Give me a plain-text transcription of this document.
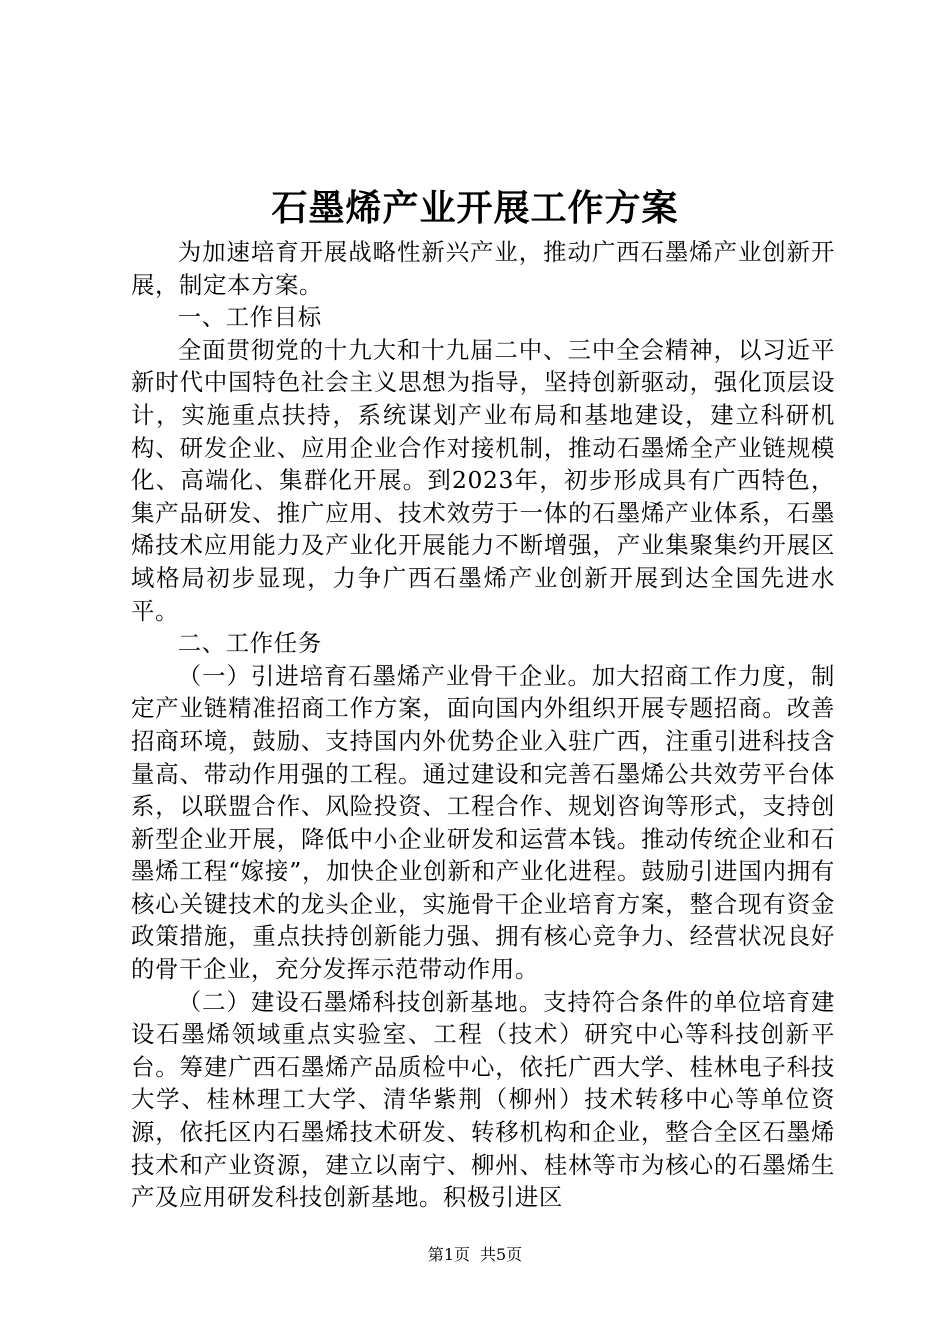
石墨烯产业开展工作方案

为加速培育开展战略性新兴产业，推动广西石墨烯产业创新开展，制定本方案。

一、工作目标

全面贯彻党的十九大和十九届二中、三中全会精神，以习近平新时代中国特色社会主义思想为指导，坚持创新驱动，强化顶层设计，实施重点扶持，系统谋划产业布局和基地建设，建立科研机构、研发企业、应用企业合作对接机制，推动石墨烯全产业链规模化、高端化、集群化开展。到2023年，初步形成具有广西特色，集产品研发、推广应用、技术效劳于一体的石墨烯产业体系，石墨烯技术应用能力及产业化开展能力不断增强，产业集聚集约开展区域格局初步显现，力争广西石墨烯产业创新开展到达全国先进水平。

二、工作任务

（一）引进培育石墨烯产业骨干企业。加大招商工作力度，制定产业链精准招商工作方案，面向国内外组织开展专题招商。改善招商环境，鼓励、支持国内外优势企业入驻广西，注重引进科技含量高、带动作用强的工程。通过建设和完善石墨烯公共效劳平台体系，以联盟合作、风险投资、工程合作、规划咨询等形式，支持创新型企业开展，降低中小企业研发和运营本钱。推动传统企业和石墨烯工程“嫁接”，加快企业创新和产业化进程。鼓励引进国内拥有核心关键技术的龙头企业，实施骨干企业培育方案，整合现有资金政策措施，重点扶持创新能力强、拥有核心竞争力、经营状况良好的骨干企业，充分发挥示范带动作用。

（二）建设石墨烯科技创新基地。支持符合条件的单位培育建设石墨烯领域重点实验室、工程（技术）研究中心等科技创新平台。筹建广西石墨烯产品质检中心，依托广西大学、桂林电子科技大学、桂林理工大学、清华紫荆（柳州）技术转移中心等单位资源，依托区内石墨烯技术研发、转移机构和企业，整合全区石墨烯技术和产业资源，建立以南宁、柳州、桂林等市为核心的石墨烯生产及应用研发科技创新基地。积极引进区

第1页 共5页
